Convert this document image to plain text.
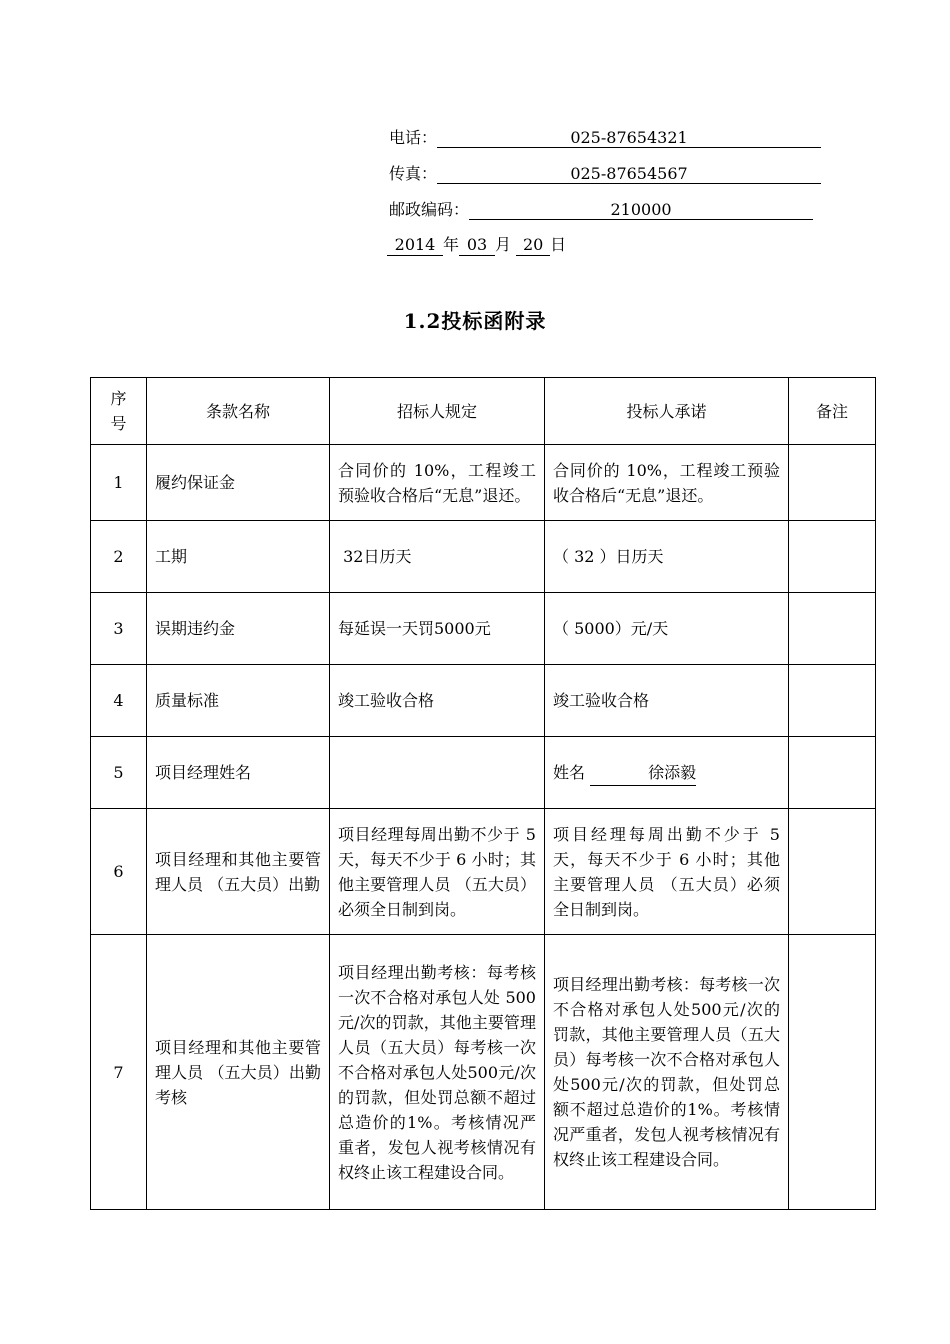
电话：	025-87654321
传真：	025-87654567
邮政编码：	210000
2014 年 03 月 20 日
1.2投标函附录
序号	条款名称	招标人规定	投标人承诺	备注
1	履约保证金	合同价的 10%，工程竣工预验收合格后“无息”退还。	合同价的 10%，工程竣工预验收合格后“无息”退还。	
2	工期	32日历天	（ 32 ）日历天	
3	误期违约金	每延误一天罚5000元	（ 5000）元/天	
4	质量标准	竣工验收合格	竣工验收合格	
5	项目经理姓名		姓名 徐添毅	
6	项目经理和其他主要管理人员 （五大员）出勤	项目经理每周出勤不少于 5 天，每天不少于 6 小时；其他主要管理人员 （五大员）必须全日制到岗。	项目经理每周出勤不少于 5 天，每天不少于 6 小时；其他主要管理人员 （五大员）必须全日制到岗。	
7	项目经理和其他主要管理人员 （五大员）出勤考核	项目经理出勤考核：每考核一次不合格对承包人处 500 元/次的罚款，其他主要管理人员（五大员）每考核一次不合格对承包人处500元/次的罚款，但处罚总额不超过总造价的1%。考核情况严重者，发包人视考核情况有权终止该工程建设合同。	项目经理出勤考核：每考核一次不合格对承包人处500元/次的罚款，其他主要管理人员（五大员）每考核一次不合格对承包人处500元/次的罚款，但处罚总额不超过总造价的1%。考核情况严重者，发包人视考核情况有权终止该工程建设合同。	
